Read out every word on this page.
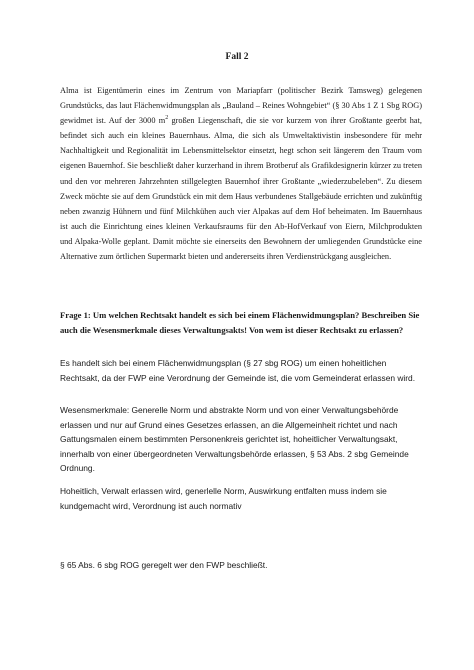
Fall 2

Alma ist Eigentümerin eines im Zentrum von Mariapfarr (politischer Bezirk Tamsweg) gelegenen Grundstücks, das laut Flächenwidmungsplan als „Bauland – Reines Wohngebiet“ (§ 30 Abs 1 Z 1 Sbg ROG) gewidmet ist. Auf der 3000 $m^2$ großen Liegenschaft, die sie vor kurzem von ihrer Großtante geerbt hat, befindet sich auch ein kleines Bauernhaus. Alma, die sich als Umweltaktivistin insbesondere für mehr Nachhaltigkeit und Regionalität im Lebensmittelsektor einsetzt, hegt schon seit längerem den Traum vom eigenen Bauernhof. Sie beschließt daher kurzerhand in ihrem Brotberuf als Grafikdesignerin kürzer zu treten und den vor mehreren Jahrzehnten stillgelegten Bauernhof ihrer Großtante „wiederzubeleben“. Zu diesem Zweck möchte sie auf dem Grundstück ein mit dem Haus verbundenes Stallgebäude errichten und zukünftig neben zwanzig Hühnern und fünf Milchkühen auch vier Alpakas auf dem Hof beheimaten. Im Bauernhaus ist auch die Einrichtung eines kleinen Verkaufsraums für den Ab-HofVerkauf von Eiern, Milchprodukten und Alpaka-Wolle geplant. Damit möchte sie einerseits den Bewohnern der umliegenden Grundstücke eine Alternative zum örtlichen Supermarkt bieten und andererseits ihren Verdienstrückgang ausgleichen.

Frage 1: Um welchen Rechtsakt handelt es sich bei einem Flächenwidmungsplan? Beschreiben Sie auch die Wesensmerkmale dieses Verwaltungsakts! Von wem ist dieser Rechtsakt zu erlassen?

Es handelt sich bei einem Flächenwidmungsplan (§ 27 sbg ROG) um einen hoheitlichen Rechtsakt, da der FWP eine Verordnung der Gemeinde ist, die vom Gemeinderat erlassen wird.

Wesensmerkmale: Generelle Norm und abstrakte Norm und von einer Verwaltungsbehörde erlassen und nur auf Grund eines Gesetzes erlassen, an die Allgemeinheit richtet und nach Gattungsmalen einem bestimmten Personenkreis gerichtet ist, hoheitlicher Verwaltungsakt, innerhalb von einer übergeordneten Verwaltungsbehörde erlassen, § 53 Abs. 2 sbg Gemeinde Ordnung.

Hoheitlich, Verwalt erlassen wird, generlelle Norm, Auswirkung entfalten muss indem sie kundgemacht wird, Verordnung ist auch normativ

§ 65 Abs. 6 sbg ROG geregelt wer den FWP beschließt.
